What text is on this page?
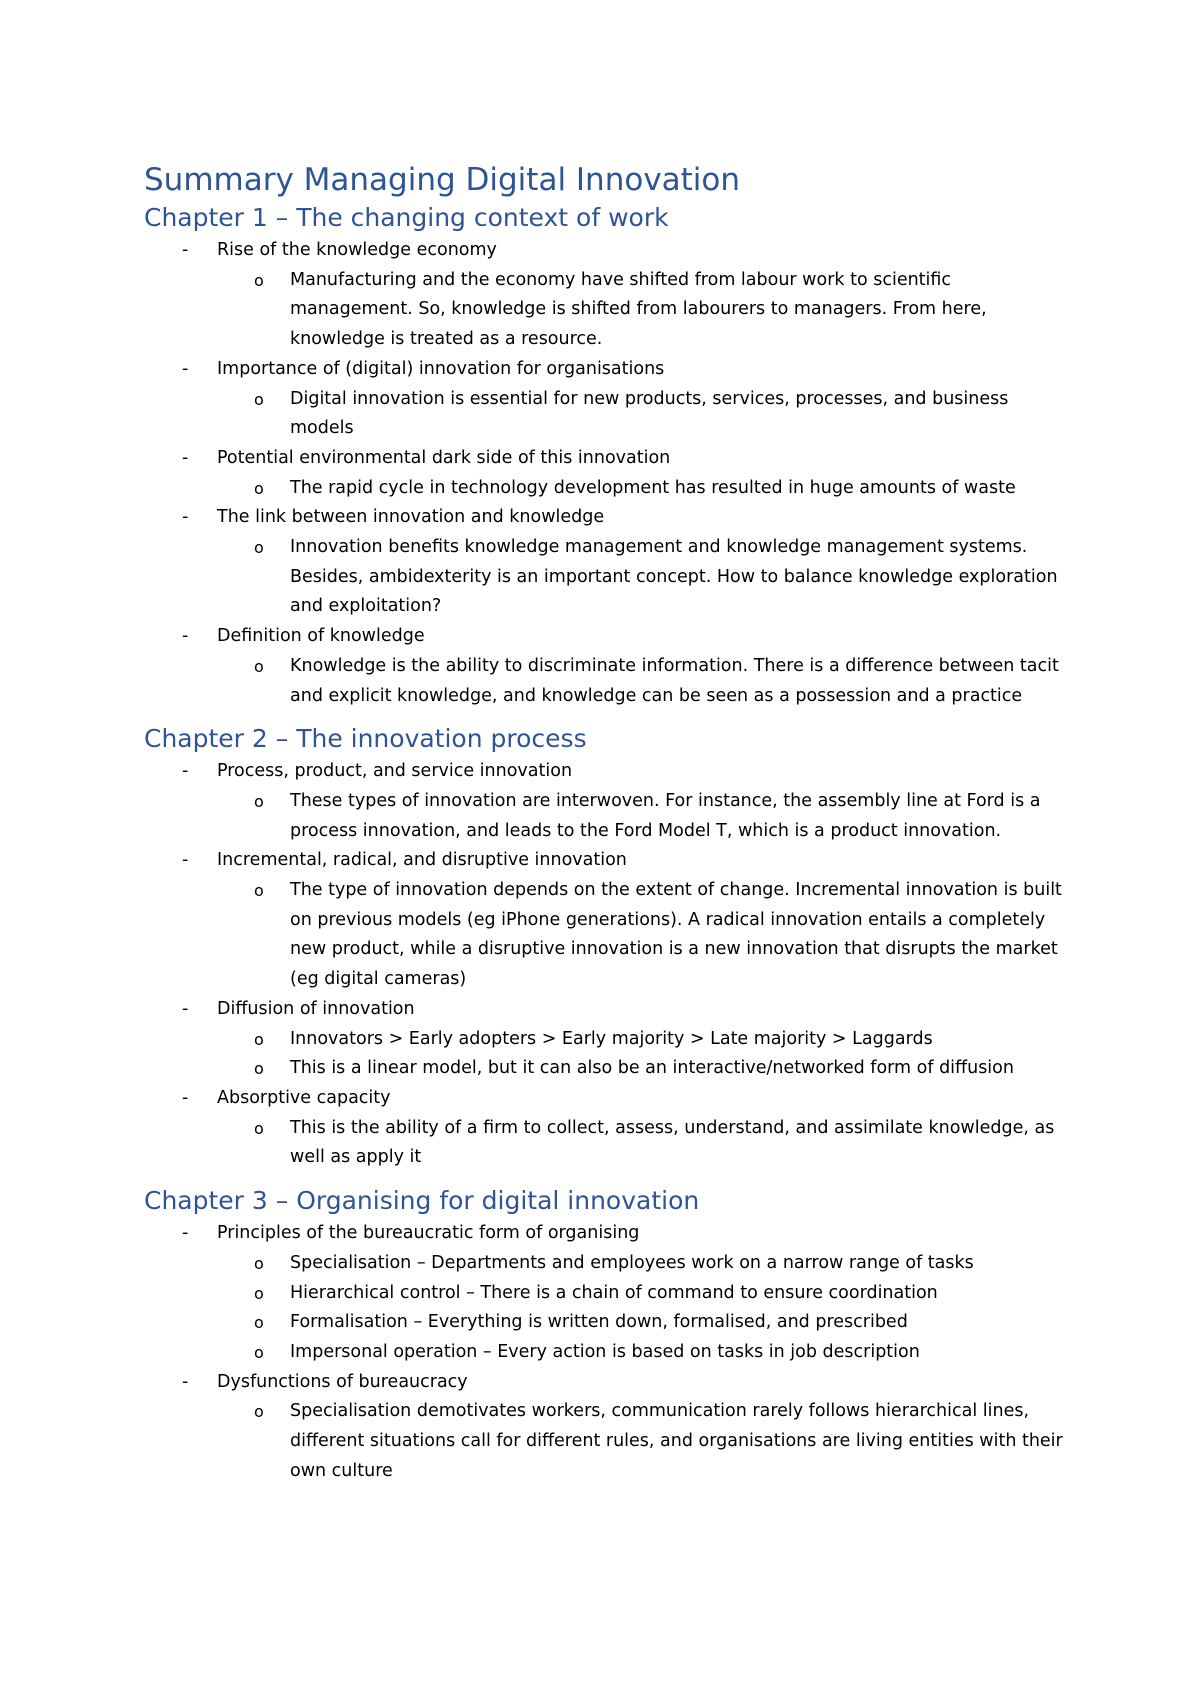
Summary Managing Digital Innovation
Chapter 1 – The changing context of work
- Rise of the knowledge economy
o Manufacturing and the economy have shifted from labour work to scientific management. So, knowledge is shifted from labourers to managers. From here, knowledge is treated as a resource.
- Importance of (digital) innovation for organisations
o Digital innovation is essential for new products, services, processes, and business models
- Potential environmental dark side of this innovation
o The rapid cycle in technology development has resulted in huge amounts of waste
- The link between innovation and knowledge
o Innovation benefits knowledge management and knowledge management systems. Besides, ambidexterity is an important concept. How to balance knowledge exploration and exploitation?
- Definition of knowledge
o Knowledge is the ability to discriminate information. There is a difference between tacit and explicit knowledge, and knowledge can be seen as a possession and a practice
Chapter 2 – The innovation process
- Process, product, and service innovation
o These types of innovation are interwoven. For instance, the assembly line at Ford is a process innovation, and leads to the Ford Model T, which is a product innovation.
- Incremental, radical, and disruptive innovation
o The type of innovation depends on the extent of change. Incremental innovation is built on previous models (eg iPhone generations). A radical innovation entails a completely new product, while a disruptive innovation is a new innovation that disrupts the market (eg digital cameras)
- Diffusion of innovation
o Innovators > Early adopters > Early majority > Late majority > Laggards
o This is a linear model, but it can also be an interactive/networked form of diffusion
- Absorptive capacity
o This is the ability of a firm to collect, assess, understand, and assimilate knowledge, as well as apply it
Chapter 3 – Organising for digital innovation
- Principles of the bureaucratic form of organising
o Specialisation – Departments and employees work on a narrow range of tasks
o Hierarchical control – There is a chain of command to ensure coordination
o Formalisation – Everything is written down, formalised, and prescribed
o Impersonal operation – Every action is based on tasks in job description
- Dysfunctions of bureaucracy
o Specialisation demotivates workers, communication rarely follows hierarchical lines, different situations call for different rules, and organisations are living entities with their own culture
